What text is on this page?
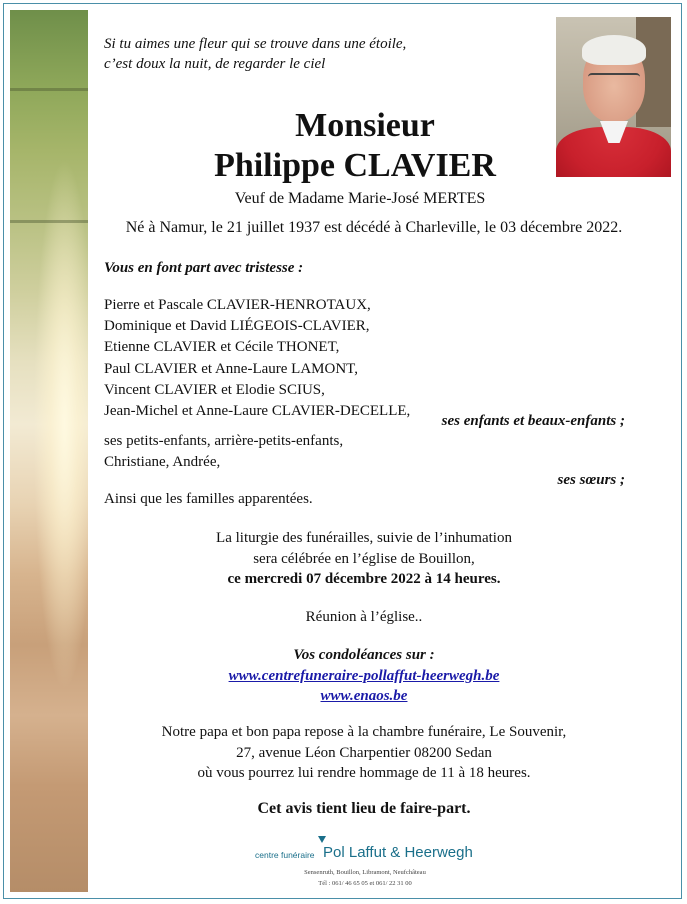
Si tu aimes une fleur qui se trouve dans une étoile,
c’est doux la nuit, de regarder le ciel
Monsieur
Philippe CLAVIER
Veuf de Madame Marie-José MERTES
Né à Namur, le 21 juillet 1937 est décédé à Charleville, le 03 décembre 2022.
Vous en font part avec tristesse :
Pierre et Pascale CLAVIER-HENROTAUX,
Dominique et David LIÉGEOIS-CLAVIER,
Etienne CLAVIER et Cécile THONET,
Paul CLAVIER et Anne-Laure LAMONT,
Vincent CLAVIER et Elodie SCIUS,
Jean-Michel et Anne-Laure CLAVIER-DECELLE,
ses enfants et beaux-enfants ;
ses petits-enfants, arrière-petits-enfants,
Christiane, Andrée,
ses sœurs ;
Ainsi que les familles apparentées.
La liturgie des funérailles, suivie de l’inhumation
sera célébrée en l’église de Bouillon,
ce mercredi 07 décembre 2022 à 14 heures.
Réunion à l’église..
Vos condoléances sur :
www.centrefuneraire-pollaffut-heerwegh.be
www.enaos.be
Notre papa et bon papa repose à la chambre funéraire, Le Souvenir,
27, avenue Léon Charpentier 08200 Sedan
où vous pourrez lui rendre hommage de 11 à 18 heures.
Cet avis tient lieu de faire-part.
centre funéraire Pol Laffut & Heerwegh
Sensenruth, Bouillon, Libramont, Neufchâteau
Tél : 061/ 46 65 05 et 061/ 22 31 00
